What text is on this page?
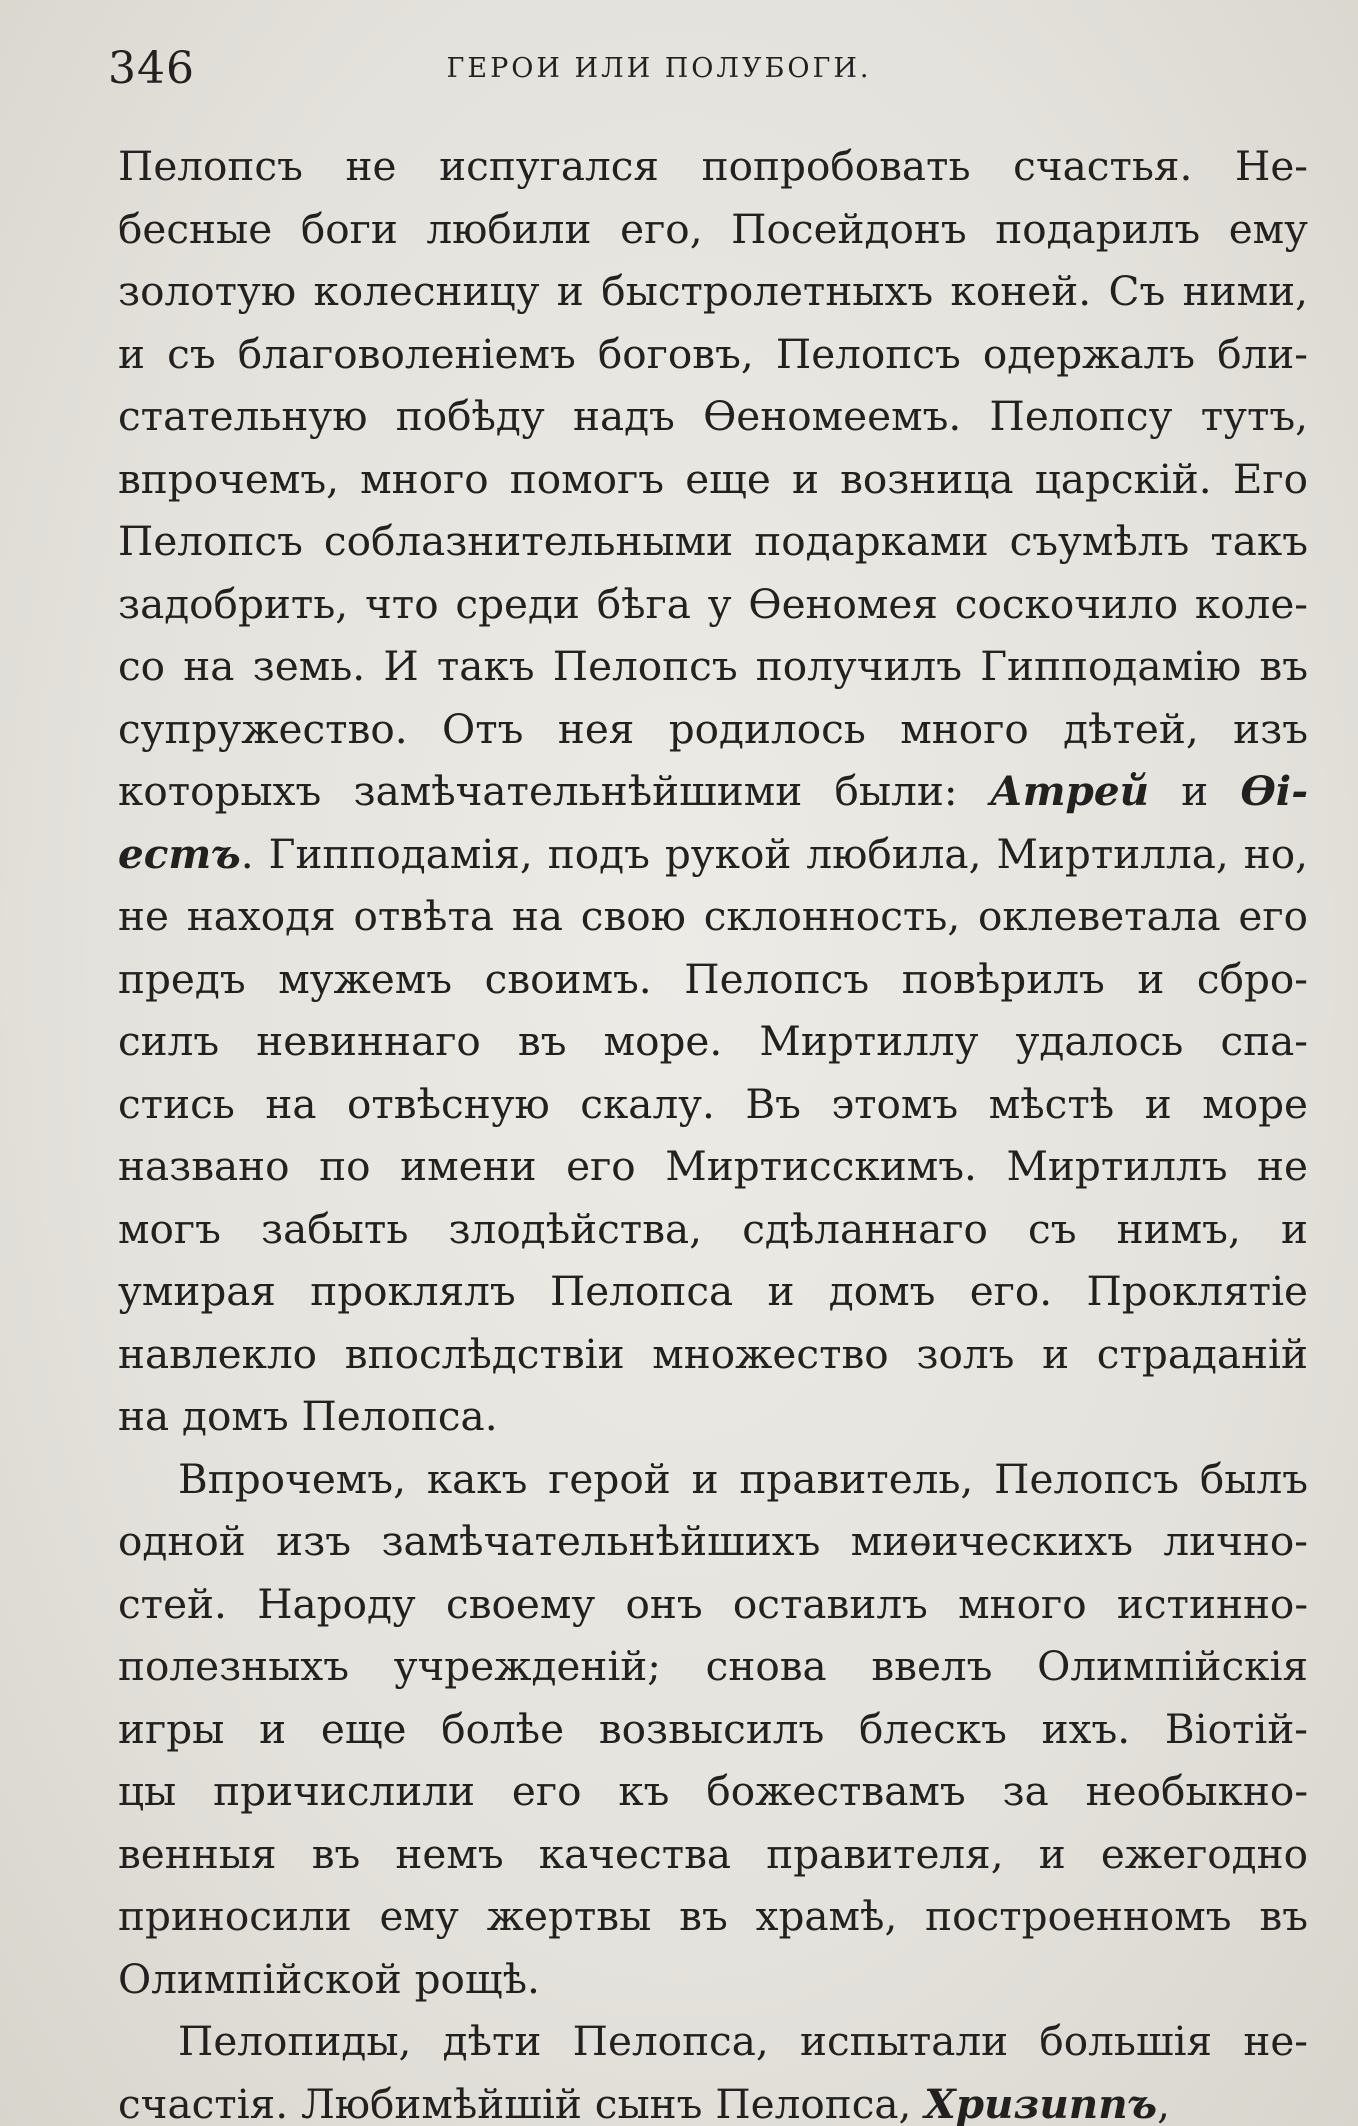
346	ГЕРОИ ИЛИ ПОЛУБОГИ.

Пелопсъ не испугался попробовать счастья. Не-
бесные боги любили его, Посейдонъ подарилъ ему
золотую колесницу и быстролетныхъ коней. Съ ними,
и съ благоволенiемъ боговъ, Пелопсъ одержалъ бли-
стательную побѣду надъ Ѳеномеемъ. Пелопсу тутъ,
впрочемъ, много помогъ еще и возница царскiй. Его
Пелопсъ соблазнительными подарками съумѣлъ такъ
задобрить, что среди бѣга у Ѳеномея соскочило коле-
со на земь. И такъ Пелопсъ получилъ Гипподамiю въ
супружество. Отъ нея родилось много дѣтей, изъ
которыхъ замѣчательнѣйшими были: Атрей и Ѳi-
естъ. Гипподамiя, подъ рукой любила, Миртилла, но,
не находя отвѣта на свою склонность, оклеветала его
предъ мужемъ своимъ. Пелопсъ повѣрилъ и сбро-
силъ невиннаго въ море. Миртиллу удалось спа-
стись на отвѣсную скалу. Въ этомъ мѣстѣ и море
названо по имени его Миртисскимъ. Миртиллъ не
могъ забыть злодѣйства, сдѣланнаго съ нимъ, и
умирая проклялъ Пелопса и домъ его. Проклятiе
навлекло впослѣдствiи множество золъ и страданiй
на домъ Пелопса.

Впрочемъ, какъ герой и правитель, Пелопсъ былъ
одной изъ замѣчательнѣйшихъ миѳическихъ лично-
стей. Народу своему онъ оставилъ много истинно-
полезныхъ учрежденiй; снова ввелъ Олимпiйскiя
игры и еще болѣе возвысилъ блескъ ихъ. Вiотiй-
цы причислили его къ божествамъ за необыкно-
венныя въ немъ качества правителя, и ежегодно
приносили ему жертвы въ храмѣ, построенномъ въ
Олимпiйской рощѣ.

Пелопиды, дѣти Пелопса, испытали большiя не-
счастiя. Любимѣйшiй сынъ Пелопса, Хризиппъ,
